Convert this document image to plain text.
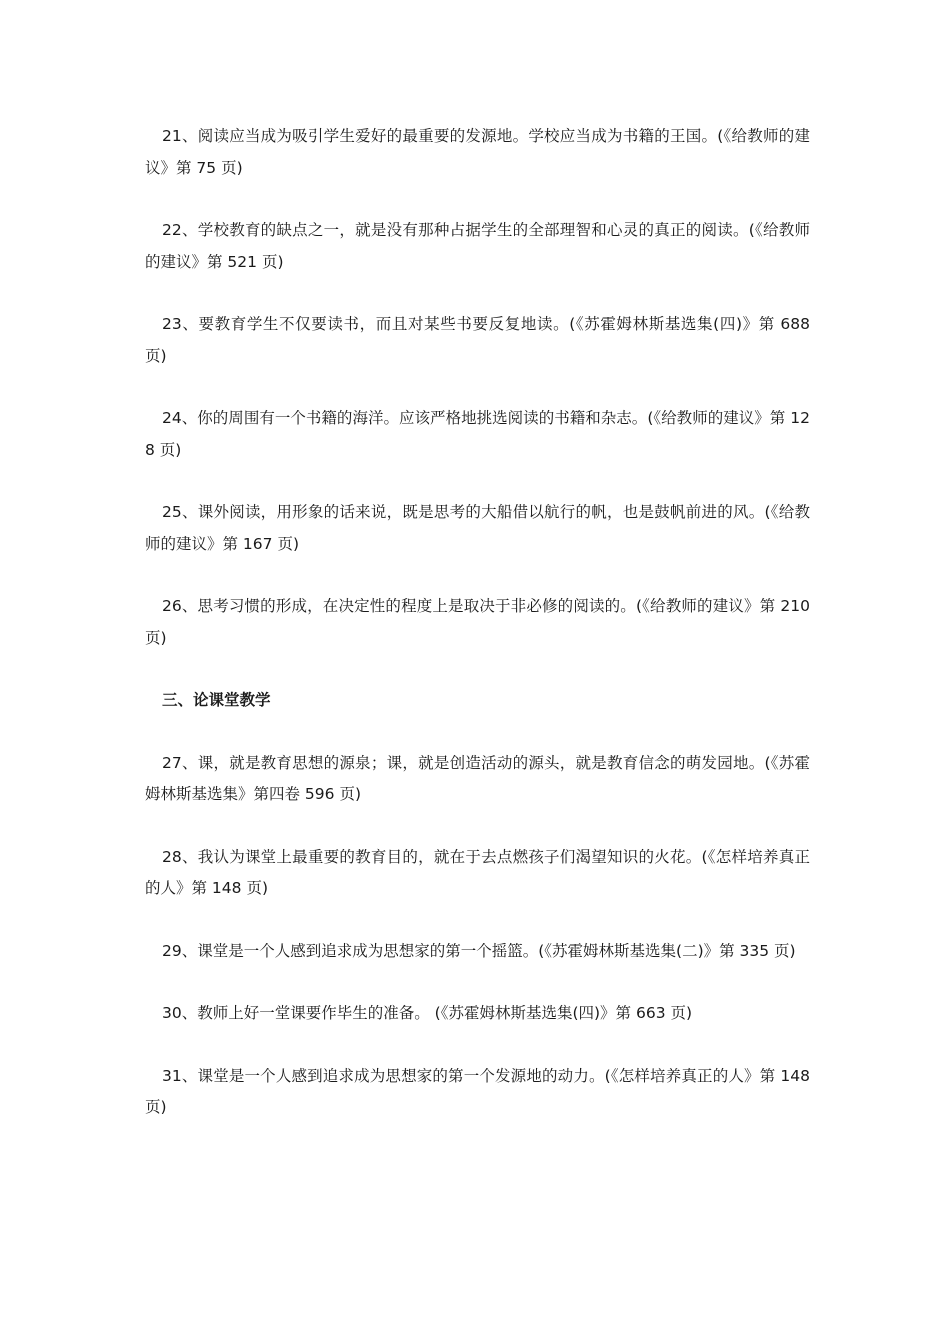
21、阅读应当成为吸引学生爱好的最重要的发源地。学校应当成为书籍的王国。(《给教师的建议》第 75 页)

22、学校教育的缺点之一，就是没有那种占据学生的全部理智和心灵的真正的阅读。(《给教师的建议》第 521 页)

23、要教育学生不仅要读书，而且对某些书要反复地读。(《苏霍姆林斯基选集(四)》第 688 页)

24、你的周围有一个书籍的海洋。应该严格地挑选阅读的书籍和杂志。(《给教师的建议》第 128 页)

25、课外阅读，用形象的话来说，既是思考的大船借以航行的帆，也是鼓帆前进的风。(《给教师的建议》第 167 页)

26、思考习惯的形成，在决定性的程度上是取决于非必修的阅读的。(《给教师的建议》第 210 页)

三、论课堂教学

27、课，就是教育思想的源泉；课，就是创造活动的源头，就是教育信念的萌发园地。(《苏霍姆林斯基选集》第四卷 596 页)

28、我认为课堂上最重要的教育目的，就在于去点燃孩子们渴望知识的火花。(《怎样培养真正的人》第 148 页)

29、课堂是一个人感到追求成为思想家的第一个摇篮。(《苏霍姆林斯基选集(二)》第 335 页)

30、教师上好一堂课要作毕生的准备。 (《苏霍姆林斯基选集(四)》第 663 页)

31、课堂是一个人感到追求成为思想家的第一个发源地的动力。(《怎样培养真正的人》第 148 页)
